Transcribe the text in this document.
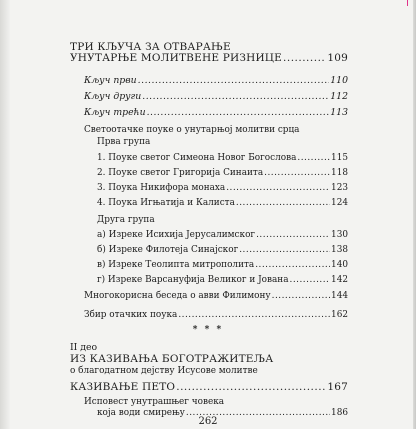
ТРИ КЉУЧА ЗА ОТВАРАЊЕ
УНУТАРЊЕ МОЛИТВЕНЕ РИЗНИЦЕ .....	109
Кључ први .....	110
Кључ други .....	112
Кључ трећи .....	113
Светоотачке поуке о унутарњој молитви срца
Прва група
1. Поуке светог Симеона Новог Богослова .....	115
2. Поуке светог Григорија Синаита .....	118
3. Поука Никифора монаха .....	123
4. Поука Игњатија и Калиста .....	124
Друга група
а) Изреке Исихија Јерусалимског .....	130
б) Изреке Филотеја Синајског .....	138
в) Изреке Теолипта митрополита .....	140
г) Изреке Варсануфија Великог и Јована .....	142
Многокорисна беседа о авви Филимону .....	144
Збир отачких поука .....	162
* * *
II део
ИЗ КАЗИВАЊА БОГОТРАЖИТЕЉА
о благодатном дејству Исусове молитве
КАЗИВАЊЕ ПЕТО .....	167
Исповест унутрашњег човека
која води смирењу .....	186
262
